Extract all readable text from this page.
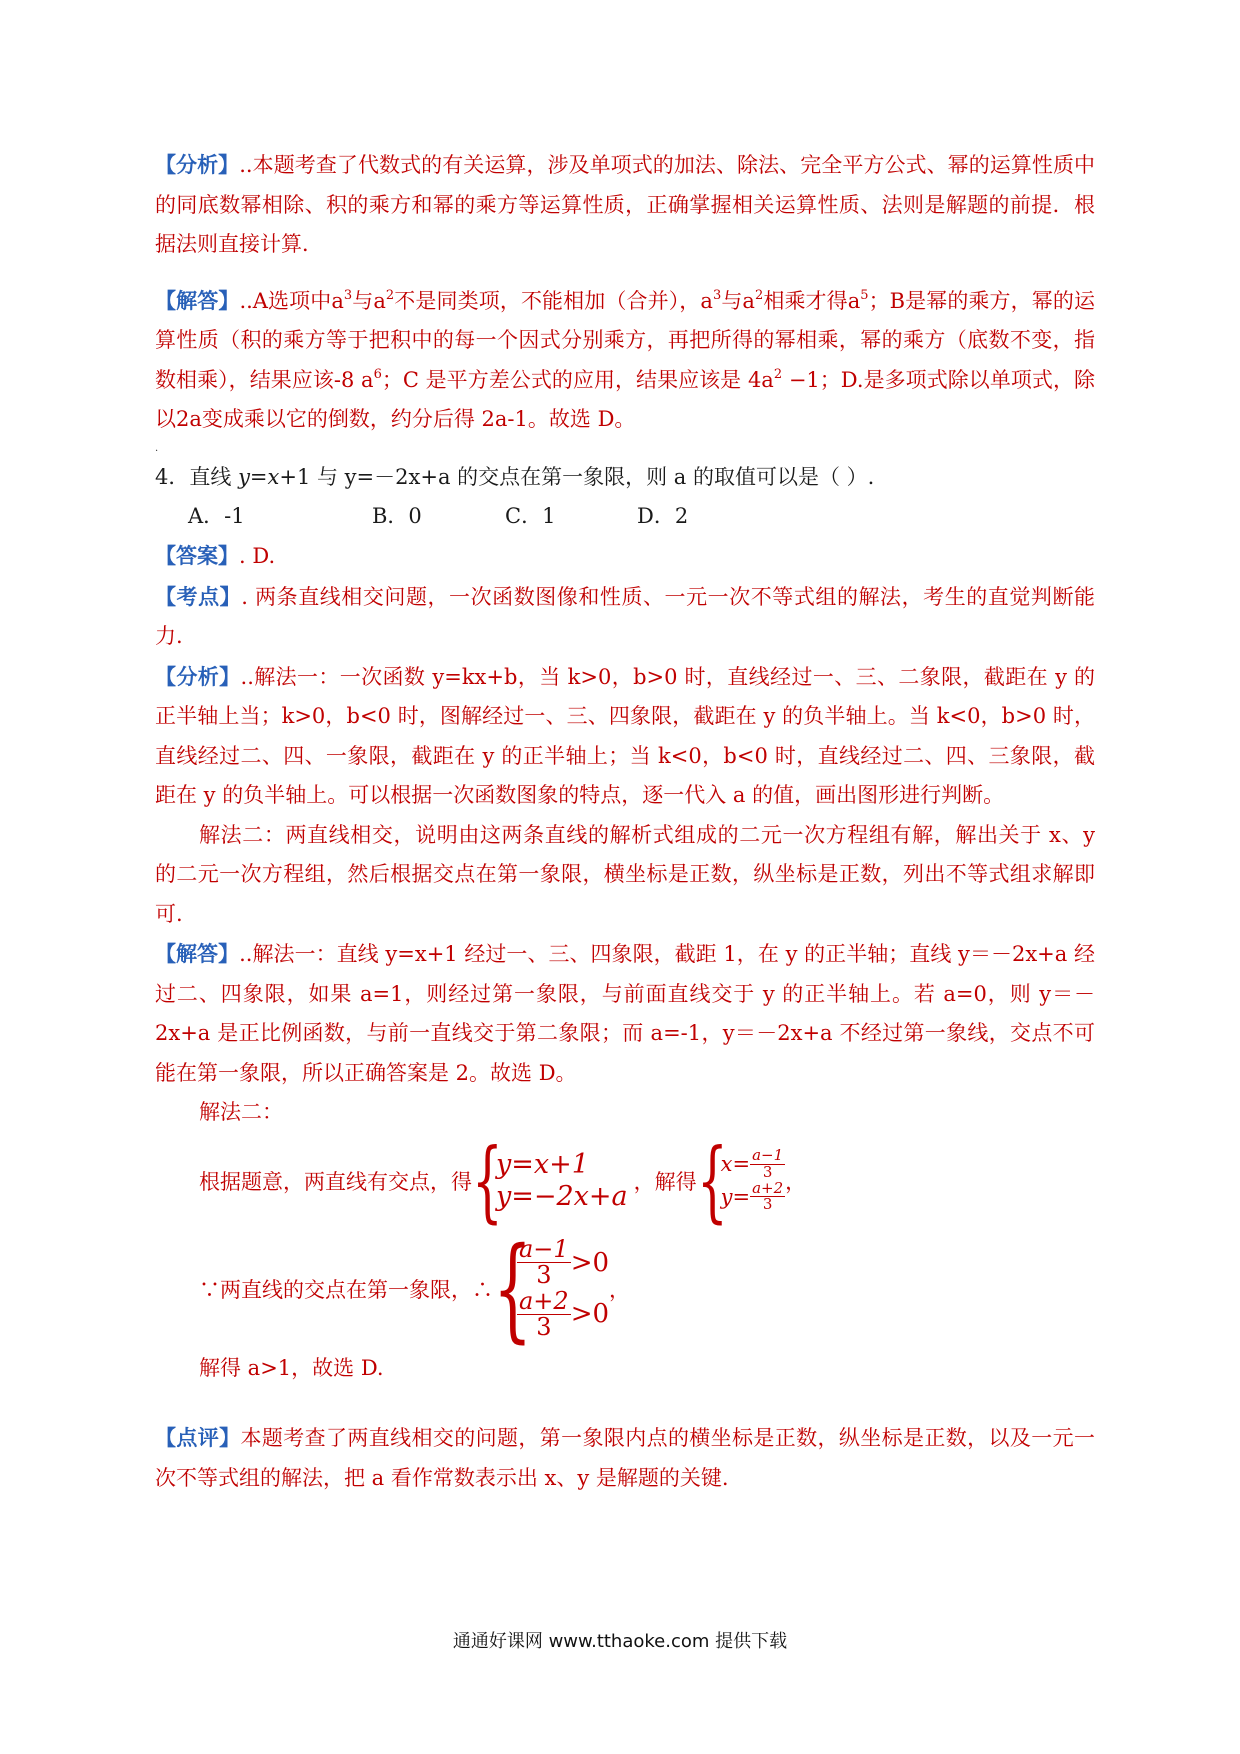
【分析】..本题考查了代数式的有关运算，涉及单项式的加法、除法、完全平方公式、幂的运算性质中的同底数幂相除、积的乘方和幂的乘方等运算性质，正确掌握相关运算性质、法则是解题的前提．根据法则直接计算．

【解答】..A选项中$a^3$与$a^2$不是同类项，不能相加（合并），$a^3$与$a^2$相乘才得$a^5$；B是幂的乘方，幂的运算性质（积的乘方等于把积中的每一个因式分别乘方，再把所得的幂相乘，幂的乘方（底数不变，指数相乘），结果应该-8 $a^6$；C 是平方差公式的应用，结果应该是 $4a^2 -1$；D.是多项式除以单项式，除以2a变成乘以它的倒数，约分后得 2a-1。故选 D。

.

4．直线 y=x+1 与 y=－2x+a 的交点在第一象限，则 a 的取值可以是（ ）.

A．-1	B．0	C．1	D．2

【答案】. D.

【考点】. 两条直线相交问题，一次函数图像和性质、一元一次不等式组的解法，考生的直觉判断能力.

【分析】..解法一：一次函数 y=kx+b，当 k>0，b>0 时，直线经过一、三、二象限，截距在 y 的正半轴上当；k>0，b<0 时，图解经过一、三、四象限，截距在 y 的负半轴上。当 k<0，b>0 时，直线经过二、四、一象限，截距在 y 的正半轴上；当 k<0，b<0 时，直线经过二、四、三象限，截距在 y 的负半轴上。可以根据一次函数图象的特点，逐一代入 a 的值，画出图形进行判断。

解法二：两直线相交，说明由这两条直线的解析式组成的二元一次方程组有解，解出关于 x、y 的二元一次方程组，然后根据交点在第一象限，横坐标是正数，纵坐标是正数，列出不等式组求解即可.

【解答】..解法一：直线 y=x+1 经过一、三、四象限，截距 1，在 y 的正半轴；直线 y＝－2x+a 经过二、四象限，如果 a=1，则经过第一象限，与前面直线交于 y 的正半轴上。若 a=0，则 y＝－2x+a 是正比例函数，与前一直线交于第二象限；而 a=-1，y＝－2x+a 不经过第一象线，交点不可能在第一象限，所以正确答案是 2。故选 D。

解法二：

根据题意，两直线有交点，得 {
y=x+1
y=−2x+a ，解得 {
$x= \frac{a-1}{3}$
$y= \frac{a+2}{3}$ ，
∵两直线的交点在第一象限，∴ {
$\frac{a-1}{3} >0$
$\frac{a+2}{3} >0$
，

解得 a>1，故选 D.

【点评】本题考查了两直线相交的问题，第一象限内点的横坐标是正数，纵坐标是正数，以及一元一次不等式组的解法，把 a 看作常数表示出 x、y 是解题的关键.

通通好课网 www.tthaoke.com 提供下载
